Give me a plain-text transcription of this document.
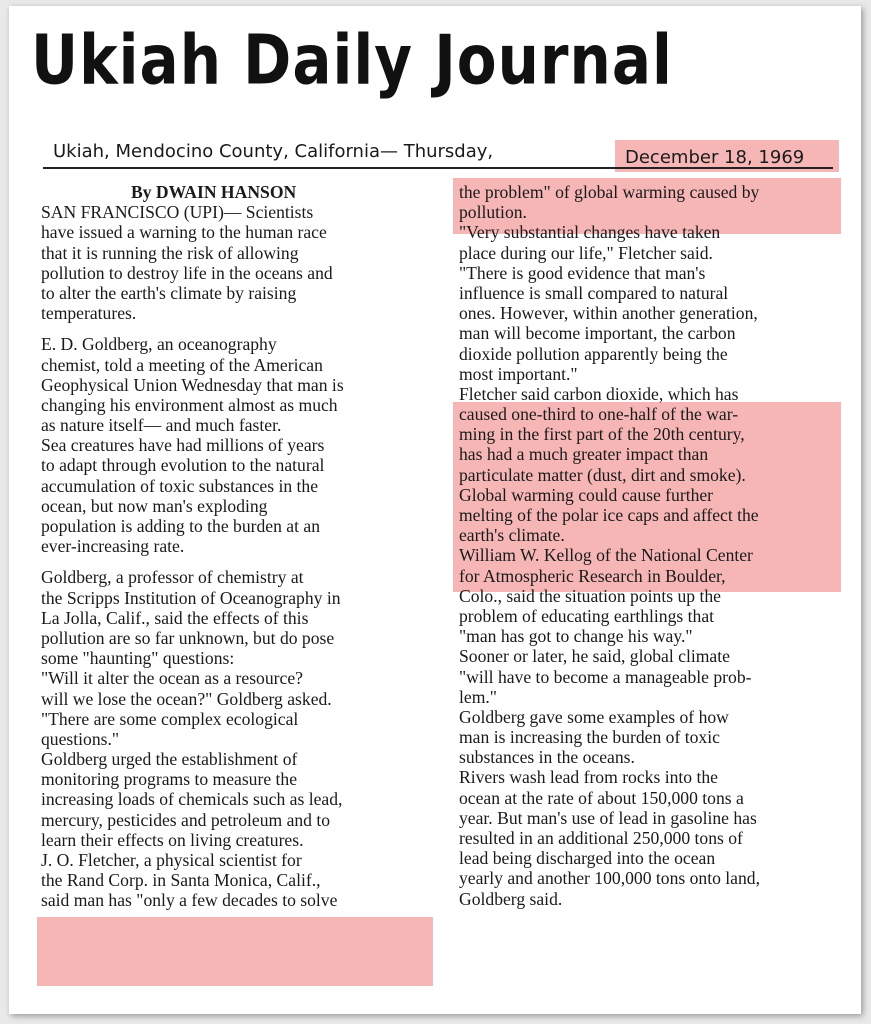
Ukiah Daily Journal
Ukiah, Mendocino County, California— Thursday,	December 18, 1969
By DWAIN HANSON
SAN FRANCISCO (UPI)— Scientists
have issued a warning to the human race
that it is running the risk of allowing
pollution to destroy life in the oceans and
to alter the earth's climate by raising
temperatures.
E. D. Goldberg, an oceanography
chemist, told a meeting of the American
Geophysical Union Wednesday that man is
changing his environment almost as much
as nature itself— and much faster.
Sea creatures have had millions of years
to adapt through evolution to the natural
accumulation of toxic substances in the
ocean, but now man's exploding
population is adding to the burden at an
ever-increasing rate.
Goldberg, a professor of chemistry at
the Scripps Institution of Oceanography in
La Jolla, Calif., said the effects of this
pollution are so far unknown, but do pose
some "haunting" questions:
"Will it alter the ocean as a resource?
will we lose the ocean?" Goldberg asked.
"There are some complex ecological
questions."
Goldberg urged the establishment of
monitoring programs to measure the
increasing loads of chemicals such as lead,
mercury, pesticides and petroleum and to
learn their effects on living creatures.
J. O. Fletcher, a physical scientist for
the Rand Corp. in Santa Monica, Calif.,
said man has "only a few decades to solve
the problem" of global warming caused by
pollution.
"Very substantial changes have taken
place during our life," Fletcher said.
"There is good evidence that man's
influence is small compared to natural
ones. However, within another generation,
man will become important, the carbon
dioxide pollution apparently being the
most important."
Fletcher said carbon dioxide, which has
caused one-third to one-half of the war-
ming in the first part of the 20th century,
has had a much greater impact than
particulate matter (dust, dirt and smoke).
Global warming could cause further
melting of the polar ice caps and affect the
earth's climate.
William W. Kellog of the National Center
for Atmospheric Research in Boulder,
Colo., said the situation points up the
problem of educating earthlings that
"man has got to change his way."
Sooner or later, he said, global climate
"will have to become a manageable prob-
lem."
Goldberg gave some examples of how
man is increasing the burden of toxic
substances in the oceans.
Rivers wash lead from rocks into the
ocean at the rate of about 150,000 tons a
year. But man's use of lead in gasoline has
resulted in an additional 250,000 tons of
lead being discharged into the ocean
yearly and another 100,000 tons onto land,
Goldberg said.
